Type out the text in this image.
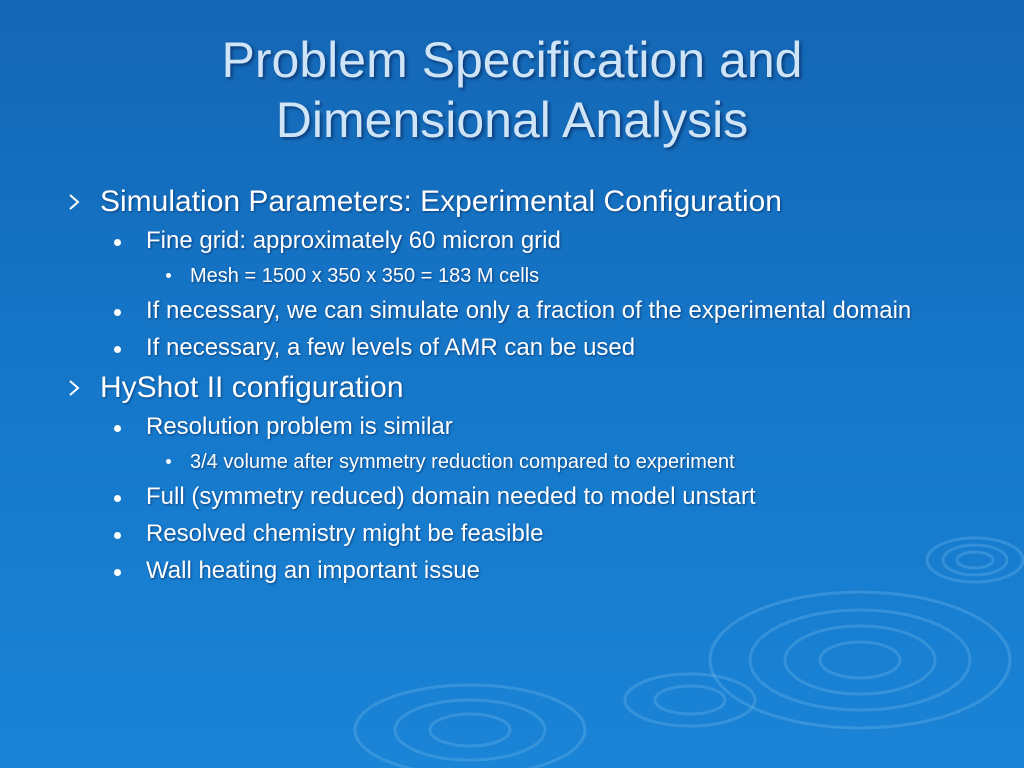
Problem Specification and
Dimensional Analysis
Simulation Parameters: Experimental Configuration
Fine grid: approximately 60 micron grid
Mesh = 1500 x 350 x 350 = 183 M cells
If necessary, we can simulate only a fraction of the experimental domain
If necessary, a few levels of AMR can be used
HyShot II configuration
Resolution problem is similar
3/4 volume after symmetry reduction compared to experiment
Full (symmetry reduced) domain needed to model unstart
Resolved chemistry might be feasible
Wall heating an important issue
